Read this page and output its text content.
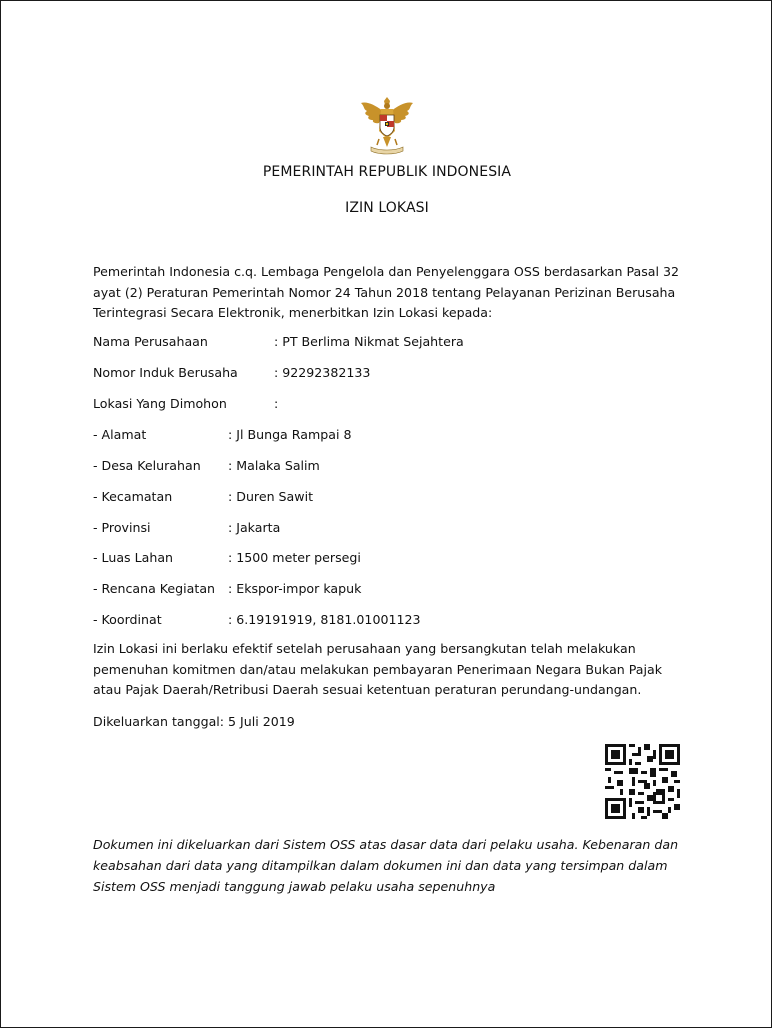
PEMERINTAH REPUBLIK INDONESIA
IZIN LOKASI
Pemerintah Indonesia c.q. Lembaga Pengelola dan Penyelenggara OSS berdasarkan Pasal 32 ayat (2) Peraturan Pemerintah Nomor 24 Tahun 2018 tentang Pelayanan Perizinan Berusaha Terintegrasi Secara Elektronik, menerbitkan Izin Lokasi kepada:
Nama Perusahaan	: PT Berlima Nikmat Sejahtera
Nomor Induk Berusaha	: 92292382133
Lokasi Yang Dimohon	:
- Alamat	: Jl Bunga Rampai 8
- Desa Kelurahan : Malaka Salim
- Kecamatan	: Duren Sawit
- Provinsi	: Jakarta
- Luas Lahan	: 1500 meter persegi
- Rencana Kegiatan : Ekspor-impor kapuk
- Koordinat	: 6.19191919, 8181.01001123
Izin Lokasi ini berlaku efektif setelah perusahaan yang bersangkutan telah melakukan pemenuhan komitmen dan/atau melakukan pembayaran Penerimaan Negara Bukan Pajak atau Pajak Daerah/Retribusi Daerah sesuai ketentuan peraturan perundang-undangan.
Dikeluarkan tanggal: 5 Juli 2019
Dokumen ini dikeluarkan dari Sistem OSS atas dasar data dari pelaku usaha. Kebenaran dan keabsahan dari data yang ditampilkan dalam dokumen ini dan data yang tersimpan dalam Sistem OSS menjadi tanggung jawab pelaku usaha sepenuhnya
